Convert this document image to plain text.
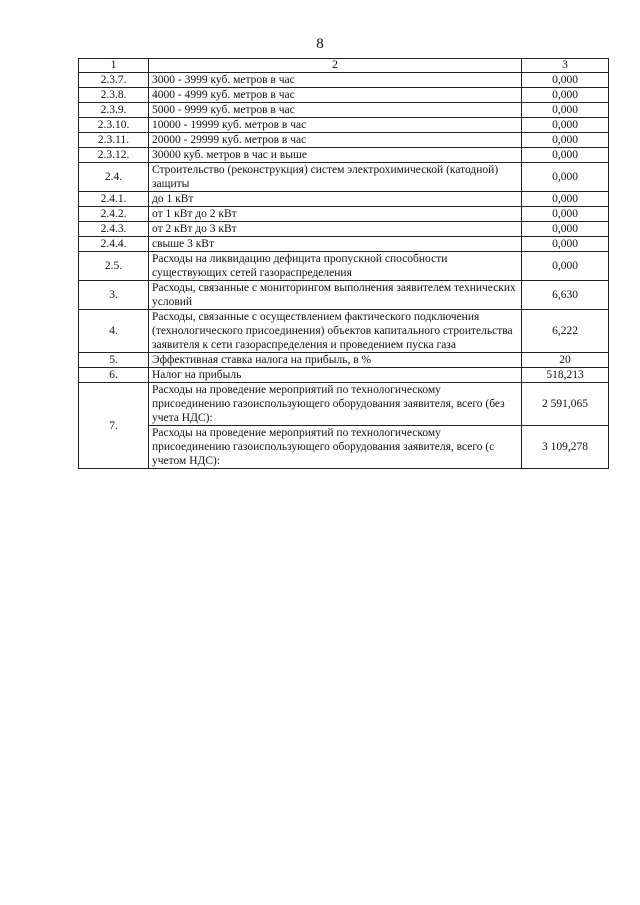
8
1	2	3
2.3.7.	3000 - 3999 куб. метров в час	0,000
2.3.8.	4000 - 4999 куб. метров в час	0,000
2.3.9.	5000 - 9999 куб. метров в час	0,000
2.3.10.	10000 - 19999 куб. метров в час	0,000
2.3.11.	20000 - 29999 куб. метров в час	0,000
2.3.12.	30000 куб. метров в час и выше	0,000
2.4.	Строительство (реконструкция) систем электрохимической (катодной) защиты	0,000
2.4.1.	до 1 кВт	0,000
2.4.2.	от 1 кВт до 2 кВт	0,000
2.4.3.	от 2 кВт до 3 кВт	0,000
2.4.4.	свыше 3 кВт	0,000
2.5.	Расходы на ликвидацию дефицита пропускной способности существующих сетей газораспределения	0,000
3.	Расходы, связанные с мониторингом выполнения заявителем технических условий	6,630
4.	Расходы, связанные с осуществлением фактического подключения (технологического присоединения) объектов капитального строительства заявителя к сети газораспределения и проведением пуска газа	6,222
5.	Эффективная ставка налога на прибыль, в %	20
6.	Налог на прибыль	518,213
7.	Расходы на проведение мероприятий по технологическому присоединению газоиспользующего оборудования заявителя, всего (без учета НДС):	2 591,065
	Расходы на проведение мероприятий по технологическому присоединению газоиспользующего оборудования заявителя, всего (с учетом НДС):	3 109,278
